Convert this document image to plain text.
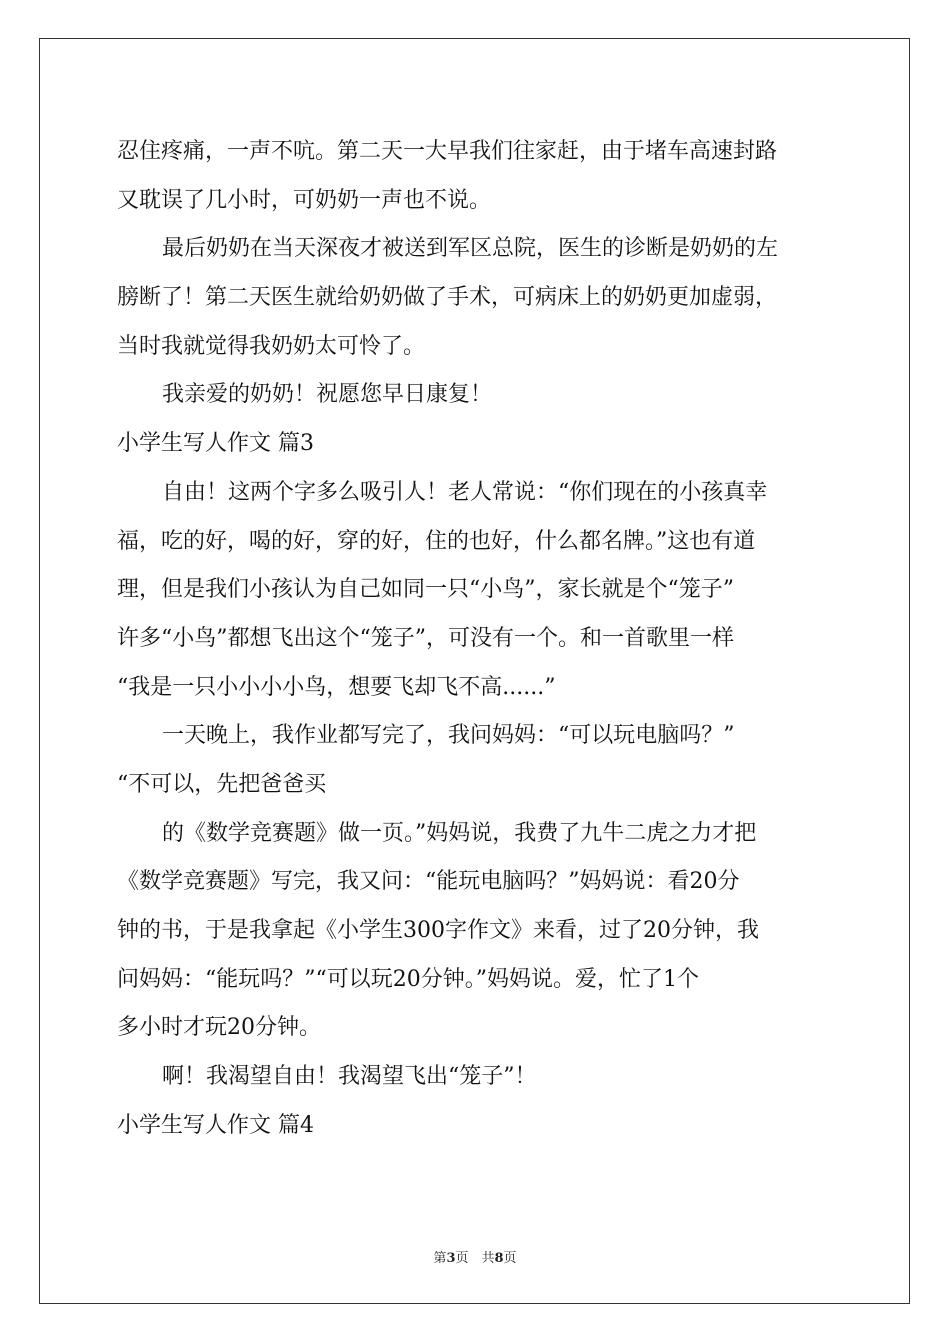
忍住疼痛，一声不吭。第二天一大早我们往家赶，由于堵车高速封路
又耽误了几小时，可奶奶一声也不说。
最后奶奶在当天深夜才被送到军区总院，医生的诊断是奶奶的左
膀断了！第二天医生就给奶奶做了手术，可病床上的奶奶更加虚弱，
当时我就觉得我奶奶太可怜了。
我亲爱的奶奶！祝愿您早日康复！
小学生写人作文 篇3
自由！这两个字多么吸引人！老人常说：“你们现在的小孩真幸
福，吃的好，喝的好，穿的好，住的也好，什么都名牌。”这也有道
理，但是我们小孩认为自己如同一只“小鸟”，家长就是个“笼子”
许多“小鸟”都想飞出这个“笼子”，可没有一个。和一首歌里一样
“我是一只小小小小鸟，想要飞却飞不高......”
一天晚上，我作业都写完了，我问妈妈：“可以玩电脑吗？”
“不可以，先把爸爸买
的《数学竞赛题》做一页。”妈妈说，我费了九牛二虎之力才把
《数学竞赛题》写完，我又问：“能玩电脑吗？”妈妈说：看20分
钟的书，于是我拿起《小学生300字作文》来看，过了20分钟，我
问妈妈：“能玩吗？”“可以玩20分钟。”妈妈说。爱，忙了1个
多小时才玩20分钟。
啊！我渴望自由！我渴望飞出“笼子”！
小学生写人作文 篇4
第3页　共8页
